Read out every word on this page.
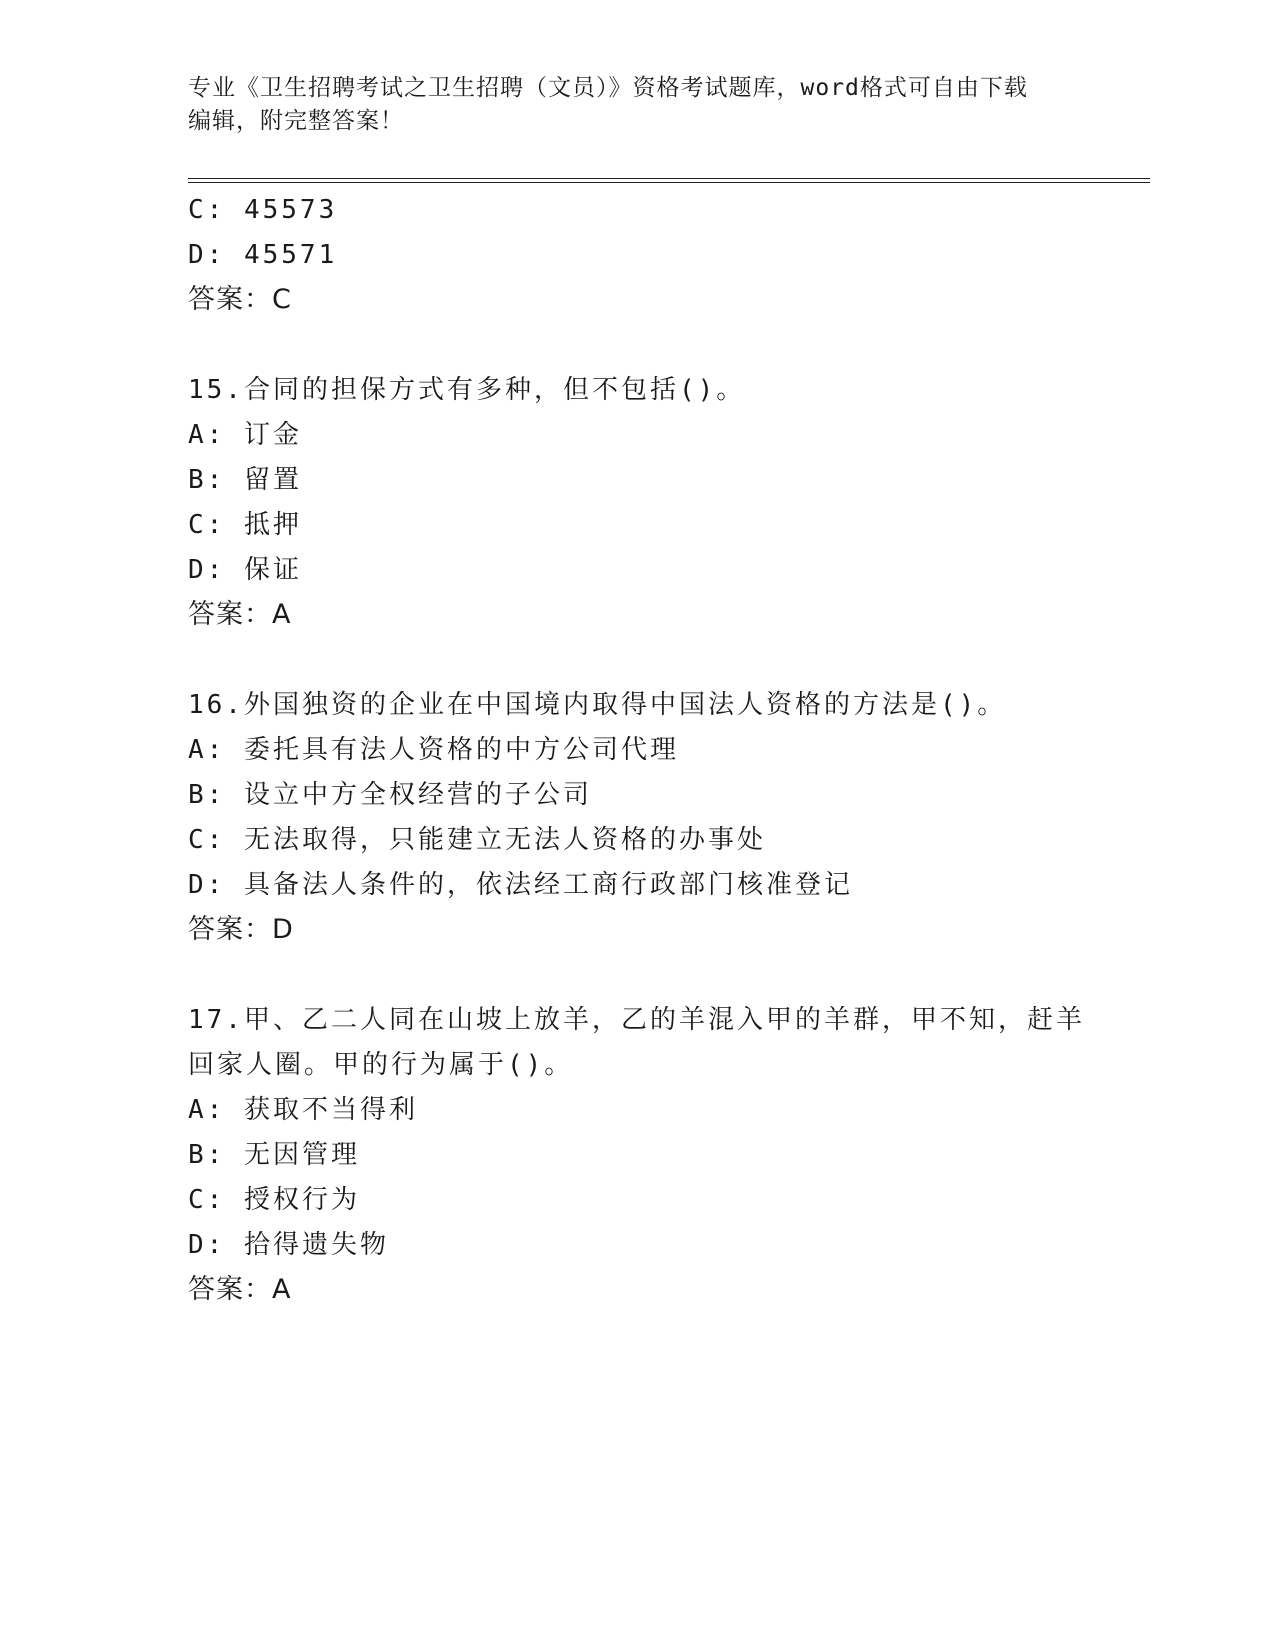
专业《卫生招聘考试之卫生招聘（文员）》资格考试题库，word格式可自由下载
编辑，附完整答案！
C: 45573
D: 45571
答案：C
15.合同的担保方式有多种，但不包括()。
A: 订金
B: 留置
C: 抵押
D: 保证
答案：A
16.外国独资的企业在中国境内取得中国法人资格的方法是()。
A: 委托具有法人资格的中方公司代理
B: 设立中方全权经营的子公司
C: 无法取得，只能建立无法人资格的办事处
D: 具备法人条件的，依法经工商行政部门核准登记
答案：D
17.甲、乙二人同在山坡上放羊，乙的羊混入甲的羊群，甲不知，赶羊
回家人圈。甲的行为属于()。
A: 获取不当得利
B: 无因管理
C: 授权行为
D: 拾得遗失物
答案：A
